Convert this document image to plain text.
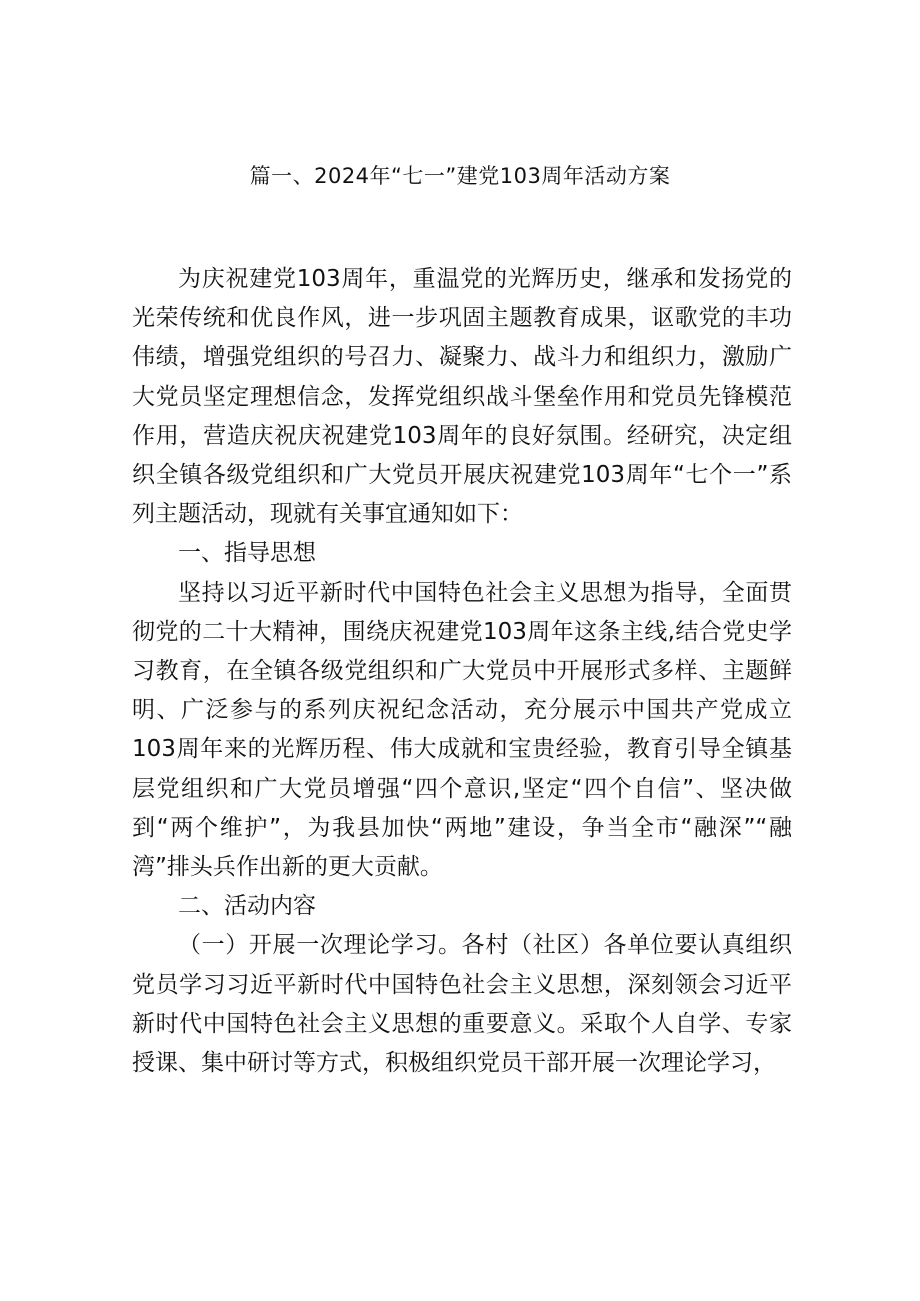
篇一、2024年“七一”建党103周年活动方案

为庆祝建党103周年，重温党的光辉历史，继承和发扬党的光荣传统和优良作风，进一步巩固主题教育成果，讴歌党的丰功伟绩，增强党组织的号召力、凝聚力、战斗力和组织力，激励广大党员坚定理想信念，发挥党组织战斗堡垒作用和党员先锋模范作用，营造庆祝庆祝建党103周年的良好氛围。经研究，决定组织全镇各级党组织和广大党员开展庆祝建党103周年“七个一”系列主题活动，现就有关事宜通知如下：

一、指导思想

坚持以习近平新时代中国特色社会主义思想为指导，全面贯彻党的二十大精神，围绕庆祝建党103周年这条主线,结合党史学习教育，在全镇各级党组织和广大党员中开展形式多样、主题鲜明、广泛参与的系列庆祝纪念活动，充分展示中国共产党成立103周年来的光辉历程、伟大成就和宝贵经验，教育引导全镇基层党组织和广大党员增强“四个意识,坚定“四个自信”、坚决做到“两个维护”，为我县加快“两地”建设，争当全市“融深”“融湾”排头兵作出新的更大贡献。

二、活动内容

（一）开展一次理论学习。各村（社区）各单位要认真组织党员学习习近平新时代中国特色社会主义思想，深刻领会习近平新时代中国特色社会主义思想的重要意义。采取个人自学、专家授课、集中研讨等方式，积极组织党员干部开展一次理论学习，
